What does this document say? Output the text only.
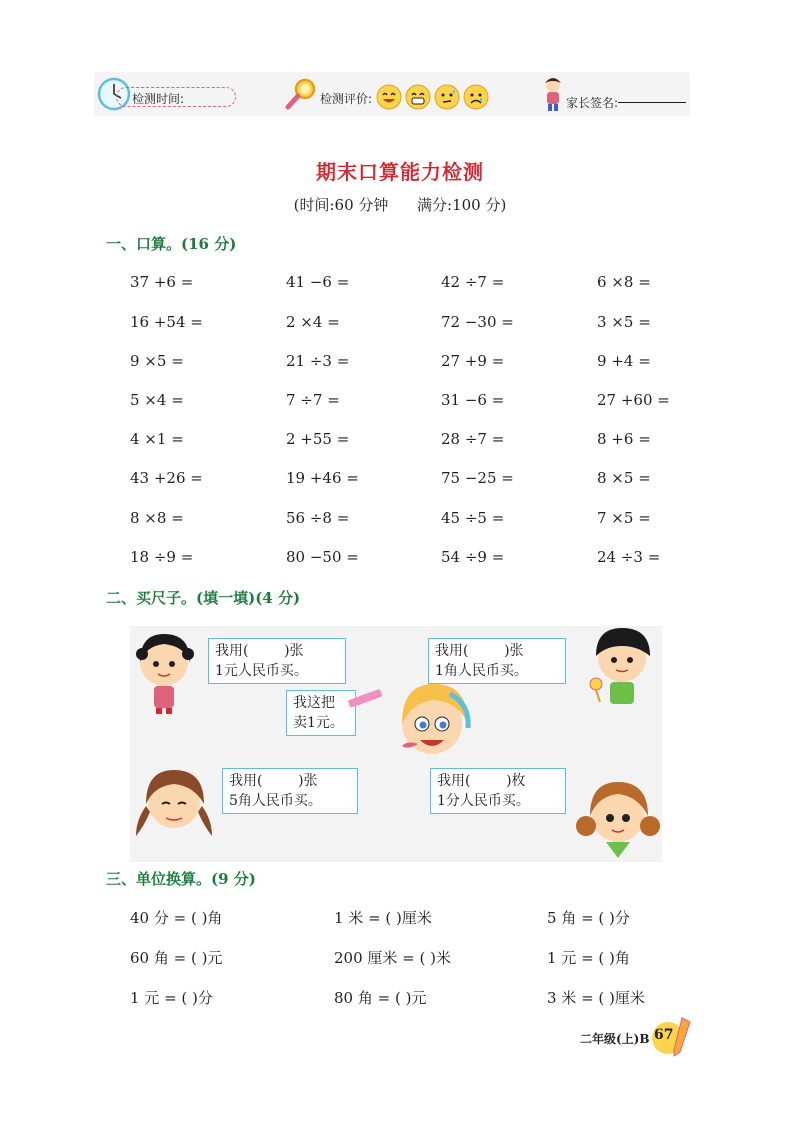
检测时间:	检测评价:	家长签名:
期末口算能力检测
(时间:60 分钟      满分:100 分)
一、口算。(16 分)
37 +6 =	41 −6 =	42 ÷7 =	6 ×8 =
16 +54 =	2 ×4 =	72 −30 =	3 ×5 =
9 ×5 =	21 ÷3 =	27 +9 =	9 +4 =
5 ×4 =	7 ÷7 =	31 −6 =	27 +60 =
4 ×1 =	2 +55 =	28 ÷7 =	8 +6 =
43 +26 =	19 +46 =	75 −25 =	8 ×5 =
8 ×8 =	56 ÷8 =	45 ÷5 =	7 ×5 =
18 ÷9 =	80 −50 =	54 ÷9 =	24 ÷3 =
二、买尺子。(填一填)(4 分)
我用(        )张
1元人民币买。
我用(        )张
1角人民币买。
我这把
卖1元。
我用(        )张
5角人民币买。
我用(        )枚
1分人民币买。
三、单位换算。(9 分)
40 分 = ( )角	1 米 = ( )厘米	5 角 = ( )分
60 角 = ( )元	200 厘米 = ( )米	1 元 = ( )角
1 元 = ( )分	80 角 = ( )元	3 米 = ( )厘米
二年级(上)B 67
